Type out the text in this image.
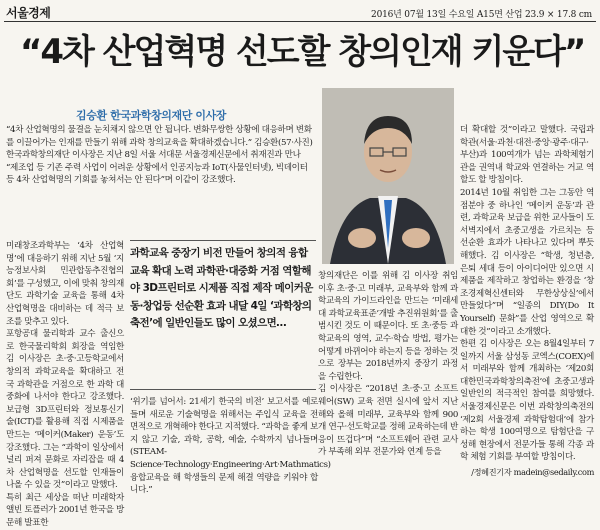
서울경제	2016년 07월 13일 수요일 A15면 산업 23.9 × 17.8 cm
“4차 산업혁명 선도할 창의인재 키운다”
김승환 한국과학창의재단 이사장
“4차 산업혁명의 물결을 눈치채지 않으면 안 됩니다. 변화무쌍한 상황에 대응하며 변화를 이끌어가는 인재를 만들기 위해 과학 창의교육을 확대하겠습니다.” 김승환(57·사진) 한국과학창의재단 이사장은 지난 8일 서울 서대문 서울경제신문에서 취재진과 만나 “제조업 등 기존 주력 사업이 어려운 상황에서 인공지능과 IoT(사물인터넷), 빅데이터 등 4차 산업혁명의 기회를 놓쳐서는 안 된다”며 이같이 강조했다.
미래창조과학부는 ‘4차 산업혁명’에 대응하기 위해 지난 5월 ‘지능정보사회 민관합동추진협의회’를 구성했고, 이에 맞춰 창의재단도 과학기술 교육을 통해 4차 산업혁명을 대비하는 데 적극 보조를 맞추고 있다.
포항공대 물리학과 교수 출신으로 한국물리학회 회장을 역임한 김 이사장은 초·중·고등학교에서 창의적 과학교육을 확대하고 전국 과학관을 거점으로 한 과학 대중화에 나서야 한다고 강조했다. 보급형 3D프린터와 정보통신기술(ICT)를 활용해 직접 시제품을 만드는 ‘메이커(Maker) 운동’도 강조했다. 그는 “과학이 일상에서 널리 퍼져 문화로 자리잡을 때 4차 산업혁명을 선도할 인재들이 나올 수 있을 것”이라고 말했다.
특히 최근 세상을 떠난 미래학자 앨빈 토플러가 2001년 한국을 방문해 발표한
과학교육 중장기 비전 만들어 창의적 융합교육 확대 노력 과학관·대중화 거점 역할해야 3D프린터로 시제품 직접 제작 메이커운동·창업등 선순환 효과 내달 4일 ‘과학창의축전’에 일반인들도 많이 오셨으면…
‘위기를 넘어서: 21세기 한국의 비전’ 보고서를 예로 들며 새로운 기술혁명을 위해서는 주입식 교육을 전면적으로 개혁해야 한다고 지적했다. “과학을 좋게 보지 않고 기술, 과학, 공학, 예술, 수학까지 넘나들며(STEAM-Science·Technology·Engineering·Art·Mathmatics) 융합교육을 해 학생들의 문제 해결 역량을 키워야 합니다.”
창의재단은 이를 위해 김 이사장 취임 이후 초·중·고 미래부, 교육부와 함께 과학교육의 가이드라인을 만드는 ‘미래세대 과학교육표준’개발 추진위원회’를 출범시킨 것도 이 때문이다. 또 초·중등 과학교육의 영역, 교수·학습 방법, 평가는 어떻게 바뀌어야 하는지 등을 정하는 것으로 장부는 2018년까지 중장기 과정을 수립한다.
김 이사장은 “2018년 초·중·고 소프트웨어(SW) 교육 전면 실시에 앞서 지난해와 올해 미래부, 교육부와 함께 900개 연구·선도학교를 정해 교육하는데 반응이 뜨겁다”며 “소프트웨어 관련 교사가 부족해 외부 전문가와 연계 등을
더 확대할 것”이라고 말했다. 국립과학관(서울·과천·대전·중앙·광주·대구·부산)과 100여개가 넘는 과학체험기관을 권역내 학교와 연결하는 거교 역할도 할 방침이다.
2014년 10월 취임한 그는 그동안 역점분야 중 하나인 ‘메이커 운동’과 관련, 과학교육 보급을 위한 교사들이 도서벽지에서 초중고생을 가르치는 등 선순환 효과가 나타나고 있다며 뿌듯해했다. 김 이사장은 “학생, 청년층, 은퇴 세대 등이 아이디어만 있으면 시제품을 제작하고 창업하는 환경을 ‘창조경제혁신센터와 무한상상실’에서 만들었다”며 “일종의 DIY(Do It Yourself) 문화”를 산업 영역으로 확대한 것”이라고 소개했다.
한편 김 이사장은 오는 8월4일부터 7일까지 서울 삼성동 코엑스(COEX)에서 미래부와 함께 개최하는 ‘제20회 대한민국과학창의축전’에 초중고생과 일반인의 적극적인 참여를 희망했다. 서울경제신문은 이번 과학창의축전의 ‘제2회 서울경제 과학탐험대’에 참가하는 학생 100여명으로 탐험단을 구성해 현장에서 전문가들 통해 각종 과학 체험 기회를 부여할 방침이다.
/정혜진기자 madein@sedaily.com
